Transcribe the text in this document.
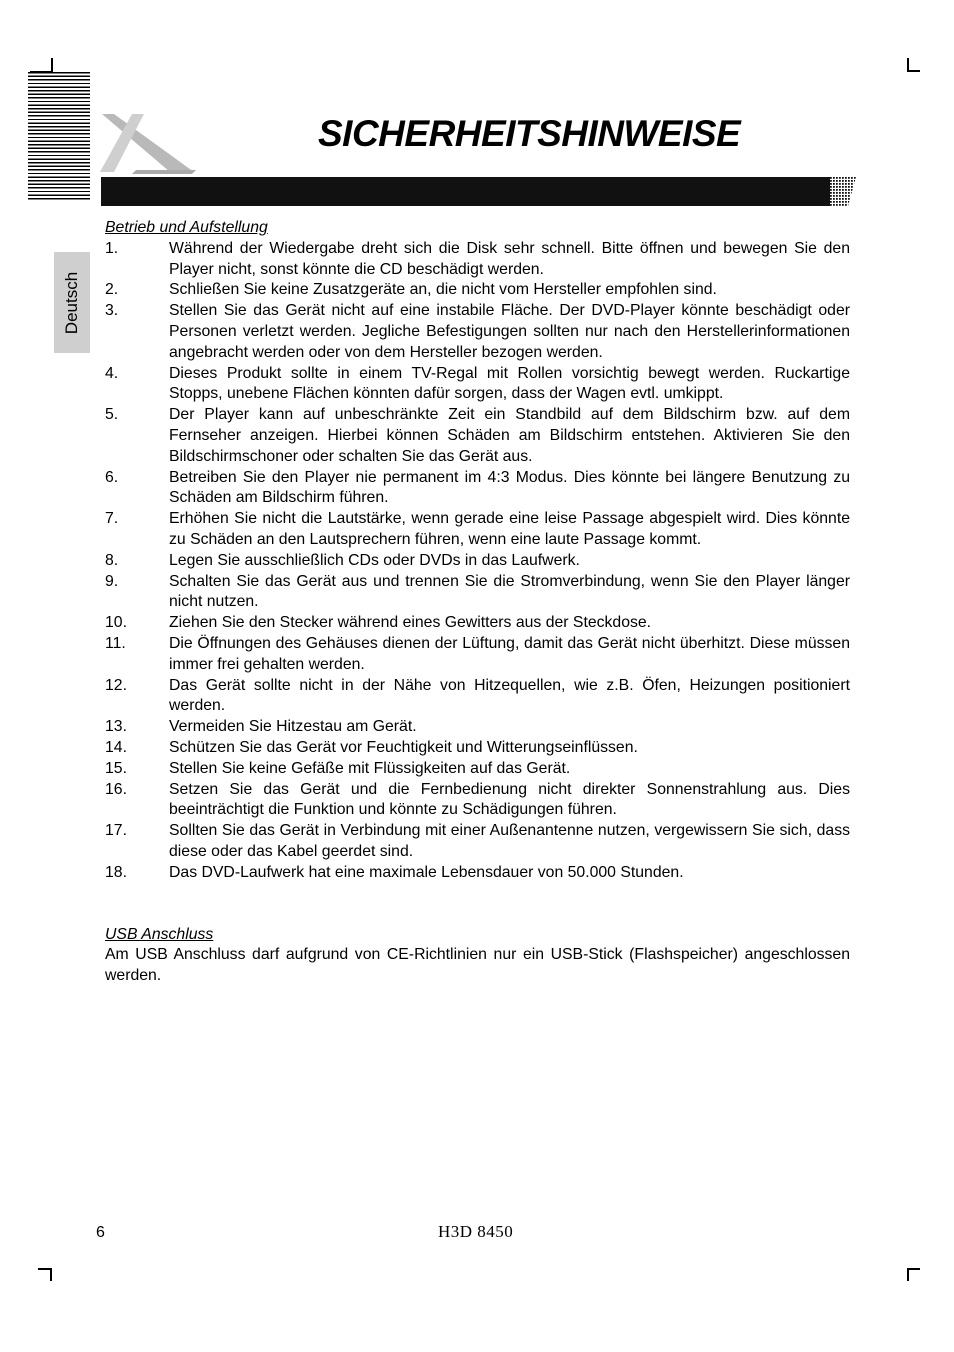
SICHERHEITSHINWEISE
Deutsch
Betrieb und Aufstellung
1.	Während der Wiedergabe dreht sich die Disk sehr schnell. Bitte öffnen und bewegen Sie den Player nicht, sonst könnte die CD beschädigt werden.
2.	Schließen Sie keine Zusatzgeräte an, die nicht vom Hersteller empfohlen sind.
3.	Stellen Sie das Gerät nicht auf eine instabile Fläche. Der DVD-Player könnte beschädigt oder Personen verletzt werden. Jegliche Befestigungen sollten nur nach den Herstellerinformationen angebracht werden oder von dem Hersteller bezogen werden.
4.	Dieses Produkt sollte in einem TV-Regal mit Rollen vorsichtig bewegt werden. Ruckartige Stopps, unebene Flächen könnten dafür sorgen, dass der Wagen evtl. umkippt.
5.	Der Player kann auf unbeschränkte Zeit ein Standbild auf dem Bildschirm bzw. auf dem Fernseher anzeigen. Hierbei können Schäden am Bildschirm entstehen. Aktivieren Sie den Bildschirmschoner oder schalten Sie das Gerät aus.
6.	Betreiben Sie den Player nie permanent im 4:3 Modus. Dies könnte bei längere Benutzung zu Schäden am Bildschirm führen.
7.	Erhöhen Sie nicht die Lautstärke, wenn gerade eine leise Passage abgespielt wird. Dies könnte zu Schäden an den Lautsprechern führen, wenn eine laute Passage kommt.
8.	Legen Sie ausschließlich CDs oder DVDs in das Laufwerk.
9.	Schalten Sie das Gerät aus und trennen Sie die Stromverbindung, wenn Sie den Player länger nicht nutzen.
10.	Ziehen Sie den Stecker während eines Gewitters aus der Steckdose.
11.	Die Öffnungen des Gehäuses dienen der Lüftung, damit das Gerät nicht überhitzt. Diese müssen immer frei gehalten werden.
12.	Das Gerät sollte nicht in der Nähe von Hitzequellen, wie z.B. Öfen, Heizungen positioniert werden.
13.	Vermeiden Sie Hitzestau am Gerät.
14.	Schützen Sie das Gerät vor Feuchtigkeit und Witterungseinflüssen.
15.	Stellen Sie keine Gefäße mit Flüssigkeiten auf das Gerät.
16.	Setzen Sie das Gerät und die Fernbedienung nicht direkter Sonnenstrahlung aus. Dies beeinträchtigt die Funktion und könnte zu Schädigungen führen.
17.	Sollten Sie das Gerät in Verbindung mit einer Außenantenne nutzen, vergewissern Sie sich, dass diese oder das Kabel geerdet sind.
18.	Das DVD-Laufwerk hat eine maximale Lebensdauer von 50.000 Stunden.
USB Anschluss
Am USB Anschluss darf aufgrund von CE-Richtlinien nur ein USB-Stick (Flashspeicher) angeschlossen werden.
6	H3D 8450
